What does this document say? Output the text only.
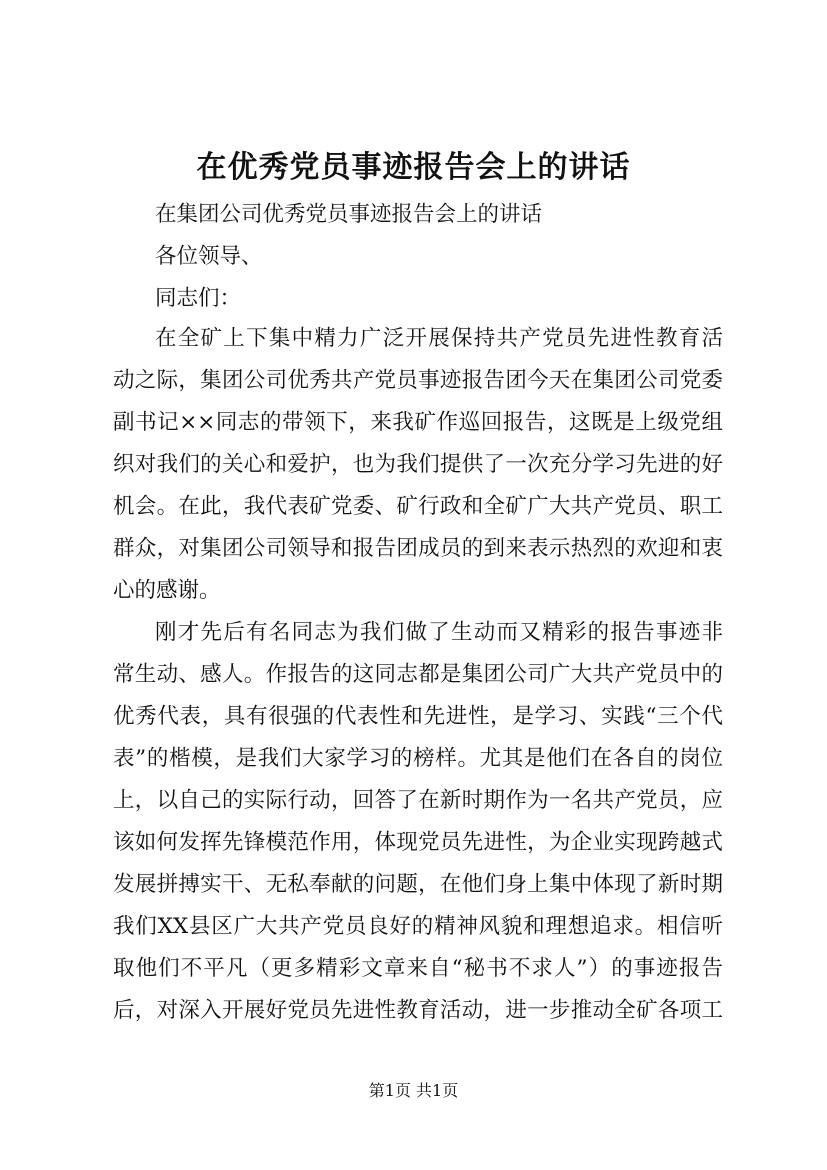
在优秀党员事迹报告会上的讲话
在集团公司优秀党员事迹报告会上的讲话
各位领导、
同志们：
在全矿上下集中精力广泛开展保持共产党员先进性教育活
动之际，集团公司优秀共产党员事迹报告团今天在集团公司党委
副书记××同志的带领下，来我矿作巡回报告，这既是上级党组
织对我们的关心和爱护，也为我们提供了一次充分学习先进的好
机会。在此，我代表矿党委、矿行政和全矿广大共产党员、职工
群众，对集团公司领导和报告团成员的到来表示热烈的欢迎和衷
心的感谢。
刚才先后有名同志为我们做了生动而又精彩的报告事迹非
常生动、感人。作报告的这同志都是集团公司广大共产党员中的
优秀代表，具有很强的代表性和先进性，是学习、实践“三个代
表”的楷模，是我们大家学习的榜样。尤其是他们在各自的岗位
上，以自己的实际行动，回答了在新时期作为一名共产党员，应
该如何发挥先锋模范作用，体现党员先进性，为企业实现跨越式
发展拼搏实干、无私奉献的问题，在他们身上集中体现了新时期
我们XX县区广大共产党员良好的精神风貌和理想追求。相信听
取他们不平凡（更多精彩文章来自“秘书不求人”）的事迹报告
后，对深入开展好党员先进性教育活动，进一步推动全矿各项工
第1页 共1页
